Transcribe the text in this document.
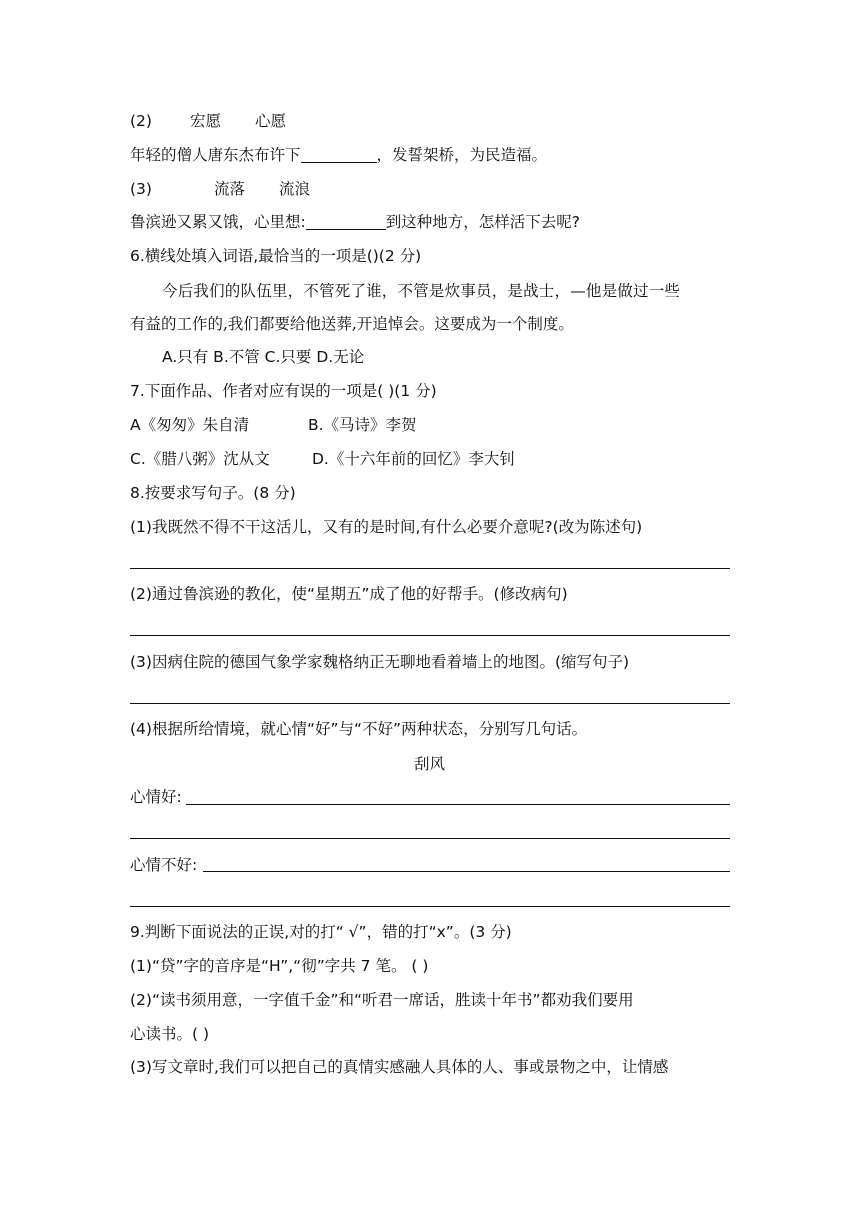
(2) 宏愿 心愿
年轻的僧人唐东杰布许下	，发誓架桥，为民造福。
(3)	流落 流浪
鲁滨逊又累又饿，心里想:	到这种地方，怎样活下去呢?
6.横线处填入词语,最恰当的一项是()(2 分)
今后我们的队伍里，不管死了谁，不管是炊事员，是战士，—他是做过一些
有益的工作的,我们都要给他送葬,开追悼会。这要成为一个制度。
A.只有 B.不管 C.只要 D.无论
7.下面作品、作者对应有误的一项是( )(1 分)
A《匆匆》朱自清	B.《马诗》李贺
C.《腊八粥》沈从文	D.《十六年前的回忆》李大钊
8.按要求写句子。(8 分)
(1)我既然不得不干这活儿，又有的是时间,有什么必要介意呢?(改为陈述句)
(2)通过鲁滨逊的教化，使“星期五”成了他的好帮手。(修改病句)
(3)因病住院的德国气象学家魏格纳正无聊地看着墙上的地图。(缩写句子)
(4)根据所给情境，就心情“好”与“不好”两种状态，分别写几句话。
刮风
心情好:
心情不好:
9.判断下面说法的正误,对的打“ √”，错的打“x”。(3 分)
(1)“贷”字的音序是“H”,“彻”字共 7 笔。 ( )
(2)“读书须用意，一字值千金”和“听君一席话，胜读十年书”都劝我们要用
心读书。( )
(3)写文章时,我们可以把自己的真情实感融人具体的人、事或景物之中，让情感
